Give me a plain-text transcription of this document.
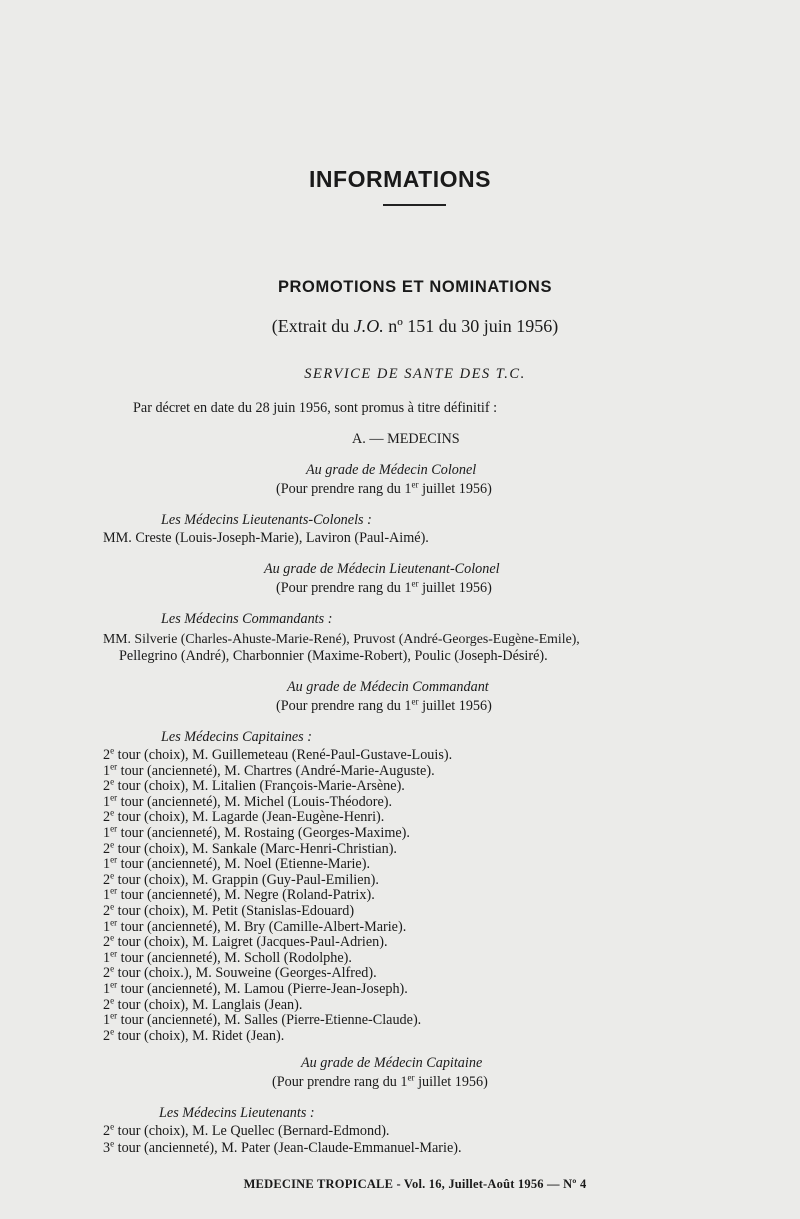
INFORMATIONS
PROMOTIONS ET NOMINATIONS
(Extrait du J.O. nº 151 du 30 juin 1956)
SERVICE DE SANTE DES T.C.
Par décret en date du 28 juin 1956, sont promus à titre définitif :
A. — MEDECINS
Au grade de Médecin Colonel
(Pour prendre rang du 1er juillet 1956)
Les Médecins Lieutenants-Colonels :
MM. Creste (Louis-Joseph-Marie), Laviron (Paul-Aimé).
Au grade de Médecin Lieutenant-Colonel
(Pour prendre rang du 1er juillet 1956)
Les Médecins Commandants :
MM. Silverie (Charles-Ahuste-Marie-René), Pruvost (André-Georges-Eugène-Emile),
Pellegrino (André), Charbonnier (Maxime-Robert), Poulic (Joseph-Désiré).
Au grade de Médecin Commandant
(Pour prendre rang du 1er juillet 1956)
Les Médecins Capitaines :
2e tour (choix), M. Guillemeteau (René-Paul-Gustave-Louis).
1er tour (ancienneté), M. Chartres (André-Marie-Auguste).
2e tour (choix), M. Litalien (François-Marie-Arsène).
1er tour (ancienneté), M. Michel (Louis-Théodore).
2e tour (choix), M. Lagarde (Jean-Eugène-Henri).
1er tour (ancienneté), M. Rostaing (Georges-Maxime).
2e tour (choix), M. Sankale (Marc-Henri-Christian).
1er tour (ancienneté), M. Noel (Etienne-Marie).
2e tour (choix), M. Grappin (Guy-Paul-Emilien).
1er tour (ancienneté), M. Negre (Roland-Patrix).
2e tour (choix), M. Petit (Stanislas-Edouard)
1er tour (ancienneté), M. Bry (Camille-Albert-Marie).
2e tour (choix), M. Laigret (Jacques-Paul-Adrien).
1er tour (ancienneté), M. Scholl (Rodolphe).
2e tour (choix.), M. Souweine (Georges-Alfred).
1er tour (ancienneté), M. Lamou (Pierre-Jean-Joseph).
2e tour (choix), M. Langlais (Jean).
1er tour (ancienneté), M. Salles (Pierre-Etienne-Claude).
2e tour (choix), M. Ridet (Jean).
Au grade de Médecin Capitaine
(Pour prendre rang du 1er juillet 1956)
Les Médecins Lieutenants :
2e tour (choix), M. Le Quellec (Bernard-Edmond).
3e tour (ancienneté), M. Pater (Jean-Claude-Emmanuel-Marie).
MEDECINE TROPICALE - Vol. 16, Juillet-Août 1956 — Nº 4
